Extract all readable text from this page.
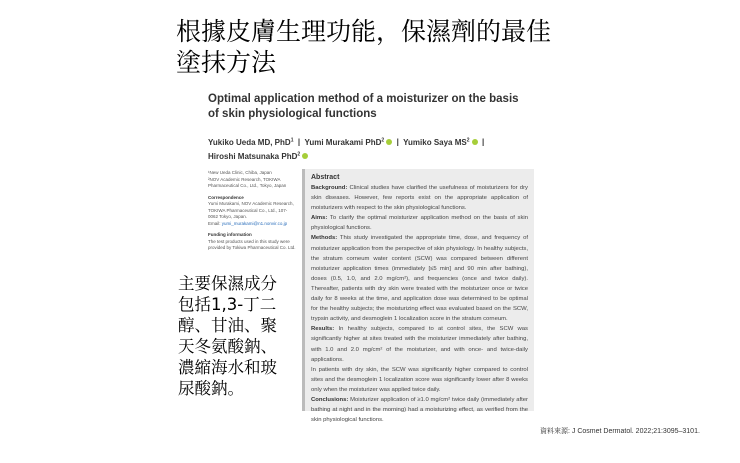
根據皮膚生理功能，保濕劑的最佳塗抹方法
Optimal application method of a moisturizer on the basis of skin physiological functions
Yukiko Ueda MD, PhD$^1$  |  Yumi Murakami PhD$^2$  |  Yumiko Saya $MS^2$  |
Hiroshi Matsunaka PhD$^2$
¹New Ueda Clinic, Chiba, Japan
²NOV Academic Research, TOKIWA Pharmaceutical Co., Ltd., Tokyo, Japan
Correspondence
Yumi Murakami, NOV Academic Research, TOKIWA Pharmaceutical Co., Ltd., 107-0062 Tokyo, Japan.
Email: yumi_murakami@n1.nonvir.co.jp
Funding information
The test products used in this study were provided by Tokiwa Pharmaceutical Co. Ltd.
Abstract
Background: Clinical studies have clarified the usefulness of moisturizers for dry skin diseases. However, few reports exist on the appropriate application of moisturizers with respect to the skin physiological functions.
Aims: To clarify the optimal moisturizer application method on the basis of skin physiological functions.
Methods: This study investigated the appropriate time, dose, and frequency of moisturizer application from the perspective of skin physiology. In healthy subjects, the stratum corneum water content (SCW) was compared between different moisturizer application times (immediately [≤5 min] and 90 min after bathing), doses (0.5, 1.0, and 2.0 mg/cm²), and frequencies (once and twice daily). Thereafter, patients with dry skin were treated with the moisturizer once or twice daily for 8 weeks at the time, and application dose was determined to be optimal for the healthy subjects; the moisturizing effect was evaluated based on the SCW, trypsin activity, and desmoglein 1 localization score in the stratum corneum.
Results: In healthy subjects, compared to at control sites, the SCW was significantly higher at sites treated with the moisturizer immediately after bathing, with 1.0 and 2.0 mg/cm² of the moisturizer, and with once- and twice-daily applications.
In patients with dry skin, the SCW was significantly higher compared to control sites and the desmoglein 1 localization score was significantly lower after 8 weeks only when the moisturizer was applied twice daily.
Conclusions: Moisturizer application of ≥1.0 mg/cm² twice daily (immediately after bathing at night and in the morning) had a moisturizing effect, as verified from the skin physiological functions.
主要保濕成分包括1,3-丁二醇、甘油、聚天冬氨酸鈉、濃縮海水和玻尿酸鈉。
資料來源: J Cosmet Dermatol. 2022;21:3095–3101.
